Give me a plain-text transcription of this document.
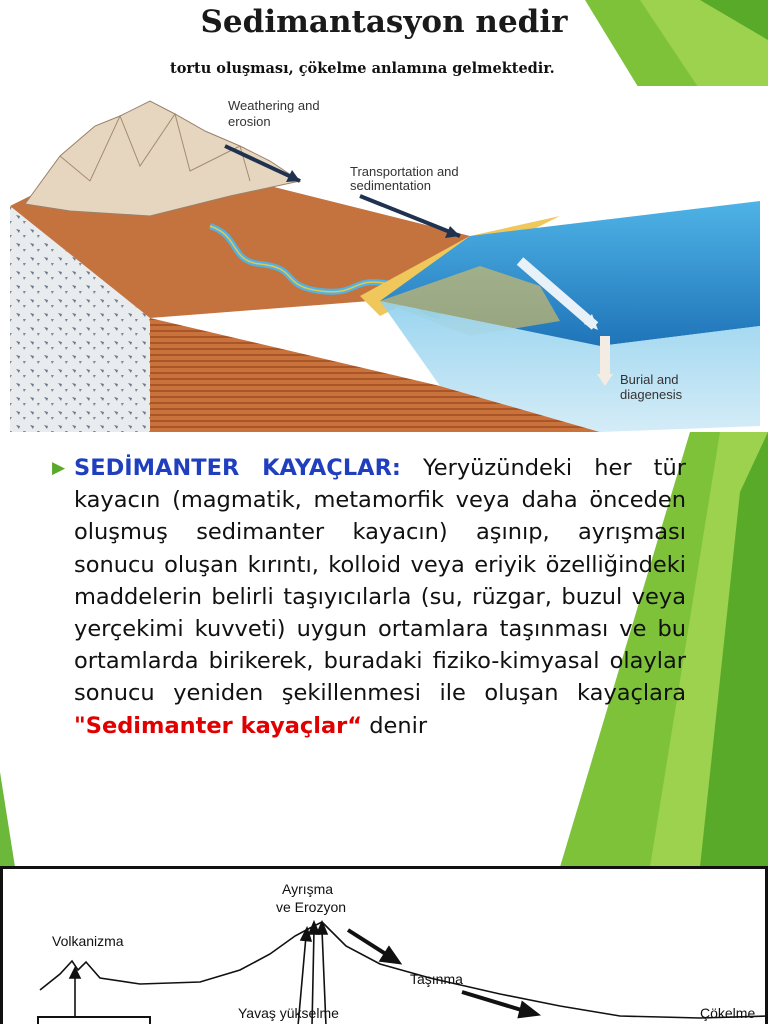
Sedimantasyon nedir

tortu oluşması, çökelme anlamına gelmektedir.

Weathering and
erosion
Transportation and
sedimentation
Burial and
diagenesis

▶ SEDİMANTER KAYAÇLAR: Yeryüzündeki her tür kayacın (magmatik, metamorfik veya daha önceden oluşmuş sedimanter kayacın) aşınıp, ayrışması sonucu oluşan kırıntı, kolloid veya eriyik özelliğindeki maddelerin belirli taşıyıcılarla (su, rüzgar, buzul veya yerçekimi kuvveti) uygun ortamlara taşınması ve bu ortamlarda birikerek, buradaki fiziko-kimyasal olaylar sonucu yeniden şekillenmesi ile oluşan kayaçlara "Sedimanter kayaçlar“ denir

Volkanizma
Ayrışma
ve Erozyon
Taşınma
Yavaş yükselme	Çökelme
